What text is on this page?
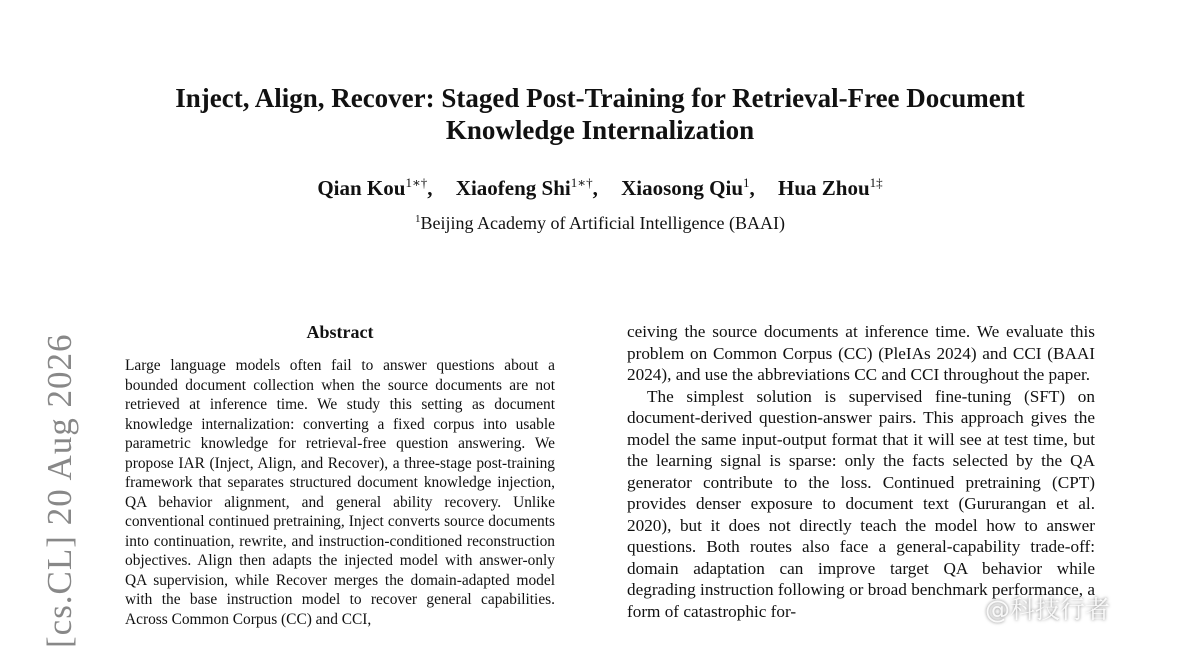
Inject, Align, Recover: Staged Post-Training for Retrieval-Free Document
Knowledge Internalization
Qian Kou$^{1∗\dagger}$, Xiaofeng Shi$^{1∗\dagger}$, Xiaosong Qiu$^1$, Hua Zhou$^{1\ddagger}$
$^1$Beijing Academy of Artificial Intelligence (BAAI)
[cs.CL] 20 Aug 2026
Abstract

Large language models often fail to answer questions about a bounded document collection when the source documents are not retrieved at inference time. We study this setting as document knowledge internalization: converting a fixed corpus into usable parametric knowledge for retrieval-free question answering. We propose IAR (Inject, Align, and Recover), a three-stage post-training framework that separates structured document knowledge injection, QA behavior alignment, and general ability recovery. Unlike conventional continued pretraining, Inject converts source documents into continuation, rewrite, and instruction-conditioned reconstruction objectives. Align then adapts the injected model with answer-only QA supervision, while Recover merges the domain-adapted model with the base instruction model to recover general capabilities. Across Common Corpus (CC) and CCI,

ceiving the source documents at inference time. We evaluate this problem on Common Corpus (CC) (PleIAs 2024) and CCI (BAAI 2024), and use the abbreviations CC and CCI throughout the paper.

The simplest solution is supervised fine-tuning (SFT) on document-derived question-answer pairs. This approach gives the model the same input-output format that it will see at test time, but the learning signal is sparse: only the facts selected by the QA generator contribute to the loss. Continued pretraining (CPT) provides denser exposure to document text (Gururangan et al. 2020), but it does not directly teach the model how to answer questions. Both routes also face a general-capability trade-off: domain adaptation can improve target QA behavior while degrading instruction following or broad benchmark performance, a form of catastrophic for-	@科技行者
